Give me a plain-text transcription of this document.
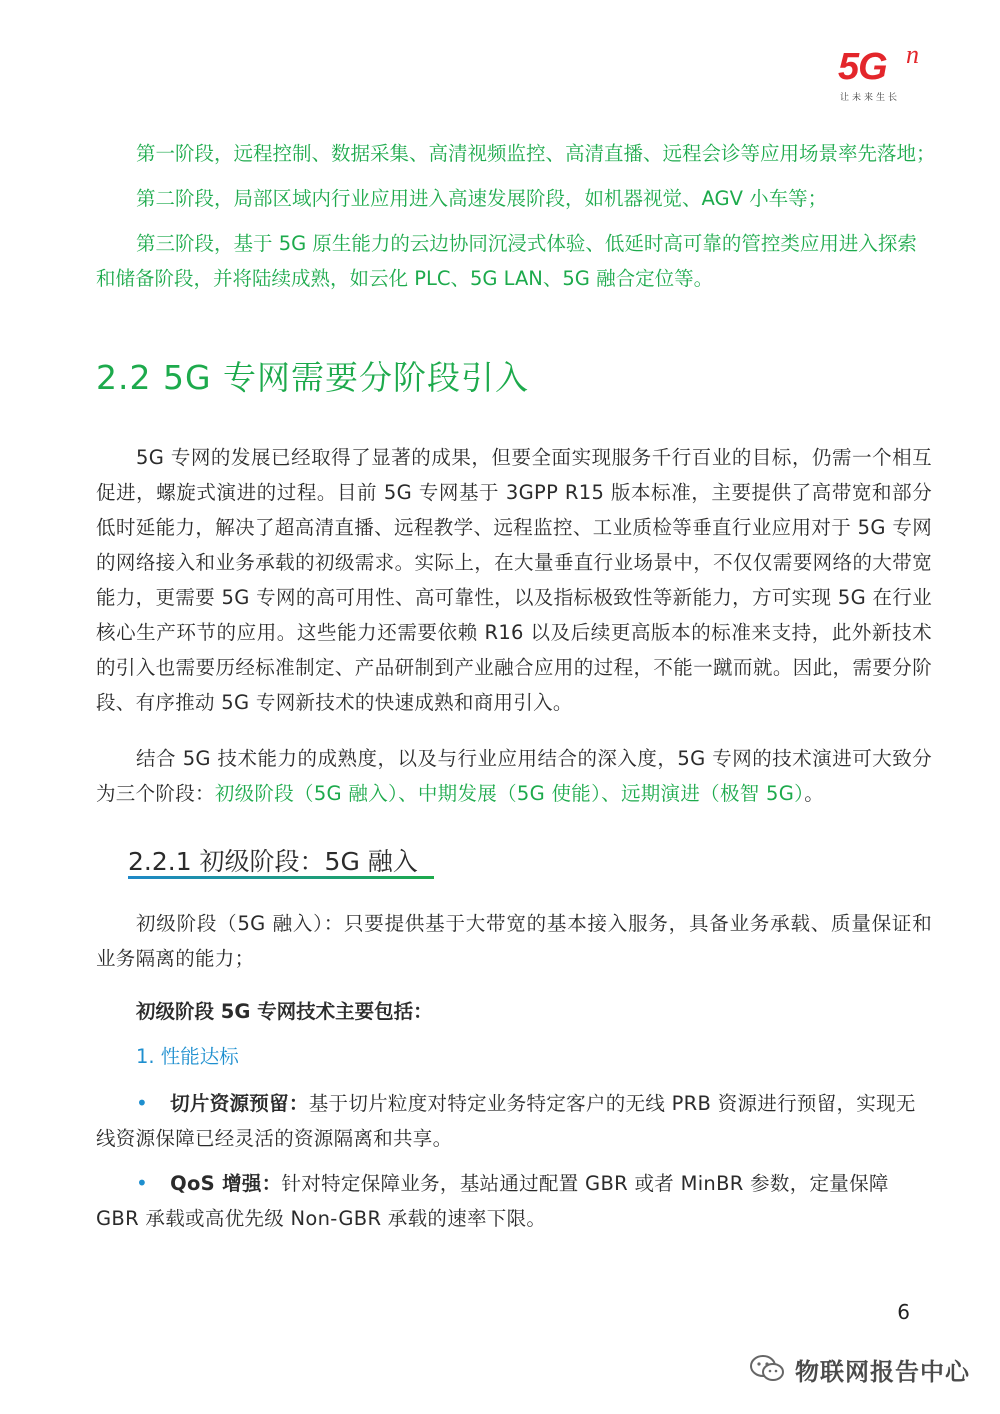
5G n
让未来生长
第一阶段，远程控制、数据采集、高清视频监控、高清直播、远程会诊等应用场景率先落地；
第二阶段，局部区域内行业应用进入高速发展阶段，如机器视觉、AGV 小车等；
第三阶段，基于 5G 原生能力的云边协同沉浸式体验、低延时高可靠的管控类应用进入探索和储备阶段，并将陆续成熟，如云化 PLC、5G LAN、5G 融合定位等。
2.2 5G 专网需要分阶段引入
5G 专网的发展已经取得了显著的成果，但要全面实现服务千行百业的目标，仍需一个相互促进，螺旋式演进的过程。目前 5G 专网基于 3GPP R15 版本标准，主要提供了高带宽和部分低时延能力，解决了超高清直播、远程教学、远程监控、工业质检等垂直行业应用对于 5G 专网的网络接入和业务承载的初级需求。实际上，在大量垂直行业场景中，不仅仅需要网络的大带宽能力，更需要 5G 专网的高可用性、高可靠性，以及指标极致性等新能力，方可实现 5G 在行业核心生产环节的应用。这些能力还需要依赖 R16 以及后续更高版本的标准来支持，此外新技术的引入也需要历经标准制定、产品研制到产业融合应用的过程，不能一蹴而就。因此，需要分阶段、有序推动 5G 专网新技术的快速成熟和商用引入。
结合 5G 技术能力的成熟度，以及与行业应用结合的深入度，5G 专网的技术演进可大致分为三个阶段：初级阶段（5G 融入）、中期发展（5G 使能）、远期演进（极智 5G）。
2.2.1 初级阶段：5G 融入
初级阶段（5G 融入）：只要提供基于大带宽的基本接入服务，具备业务承载、质量保证和业务隔离的能力；
初级阶段 5G 专网技术主要包括：
1. 性能达标
• 切片资源预留：基于切片粒度对特定业务特定客户的无线 PRB 资源进行预留，实现无线资源保障已经灵活的资源隔离和共享。
• QoS 增强：针对特定保障业务，基站通过配置 GBR 或者 MinBR 参数，定量保障 GBR 承载或高优先级 Non-GBR 承载的速率下限。
6
物联网报告中心
